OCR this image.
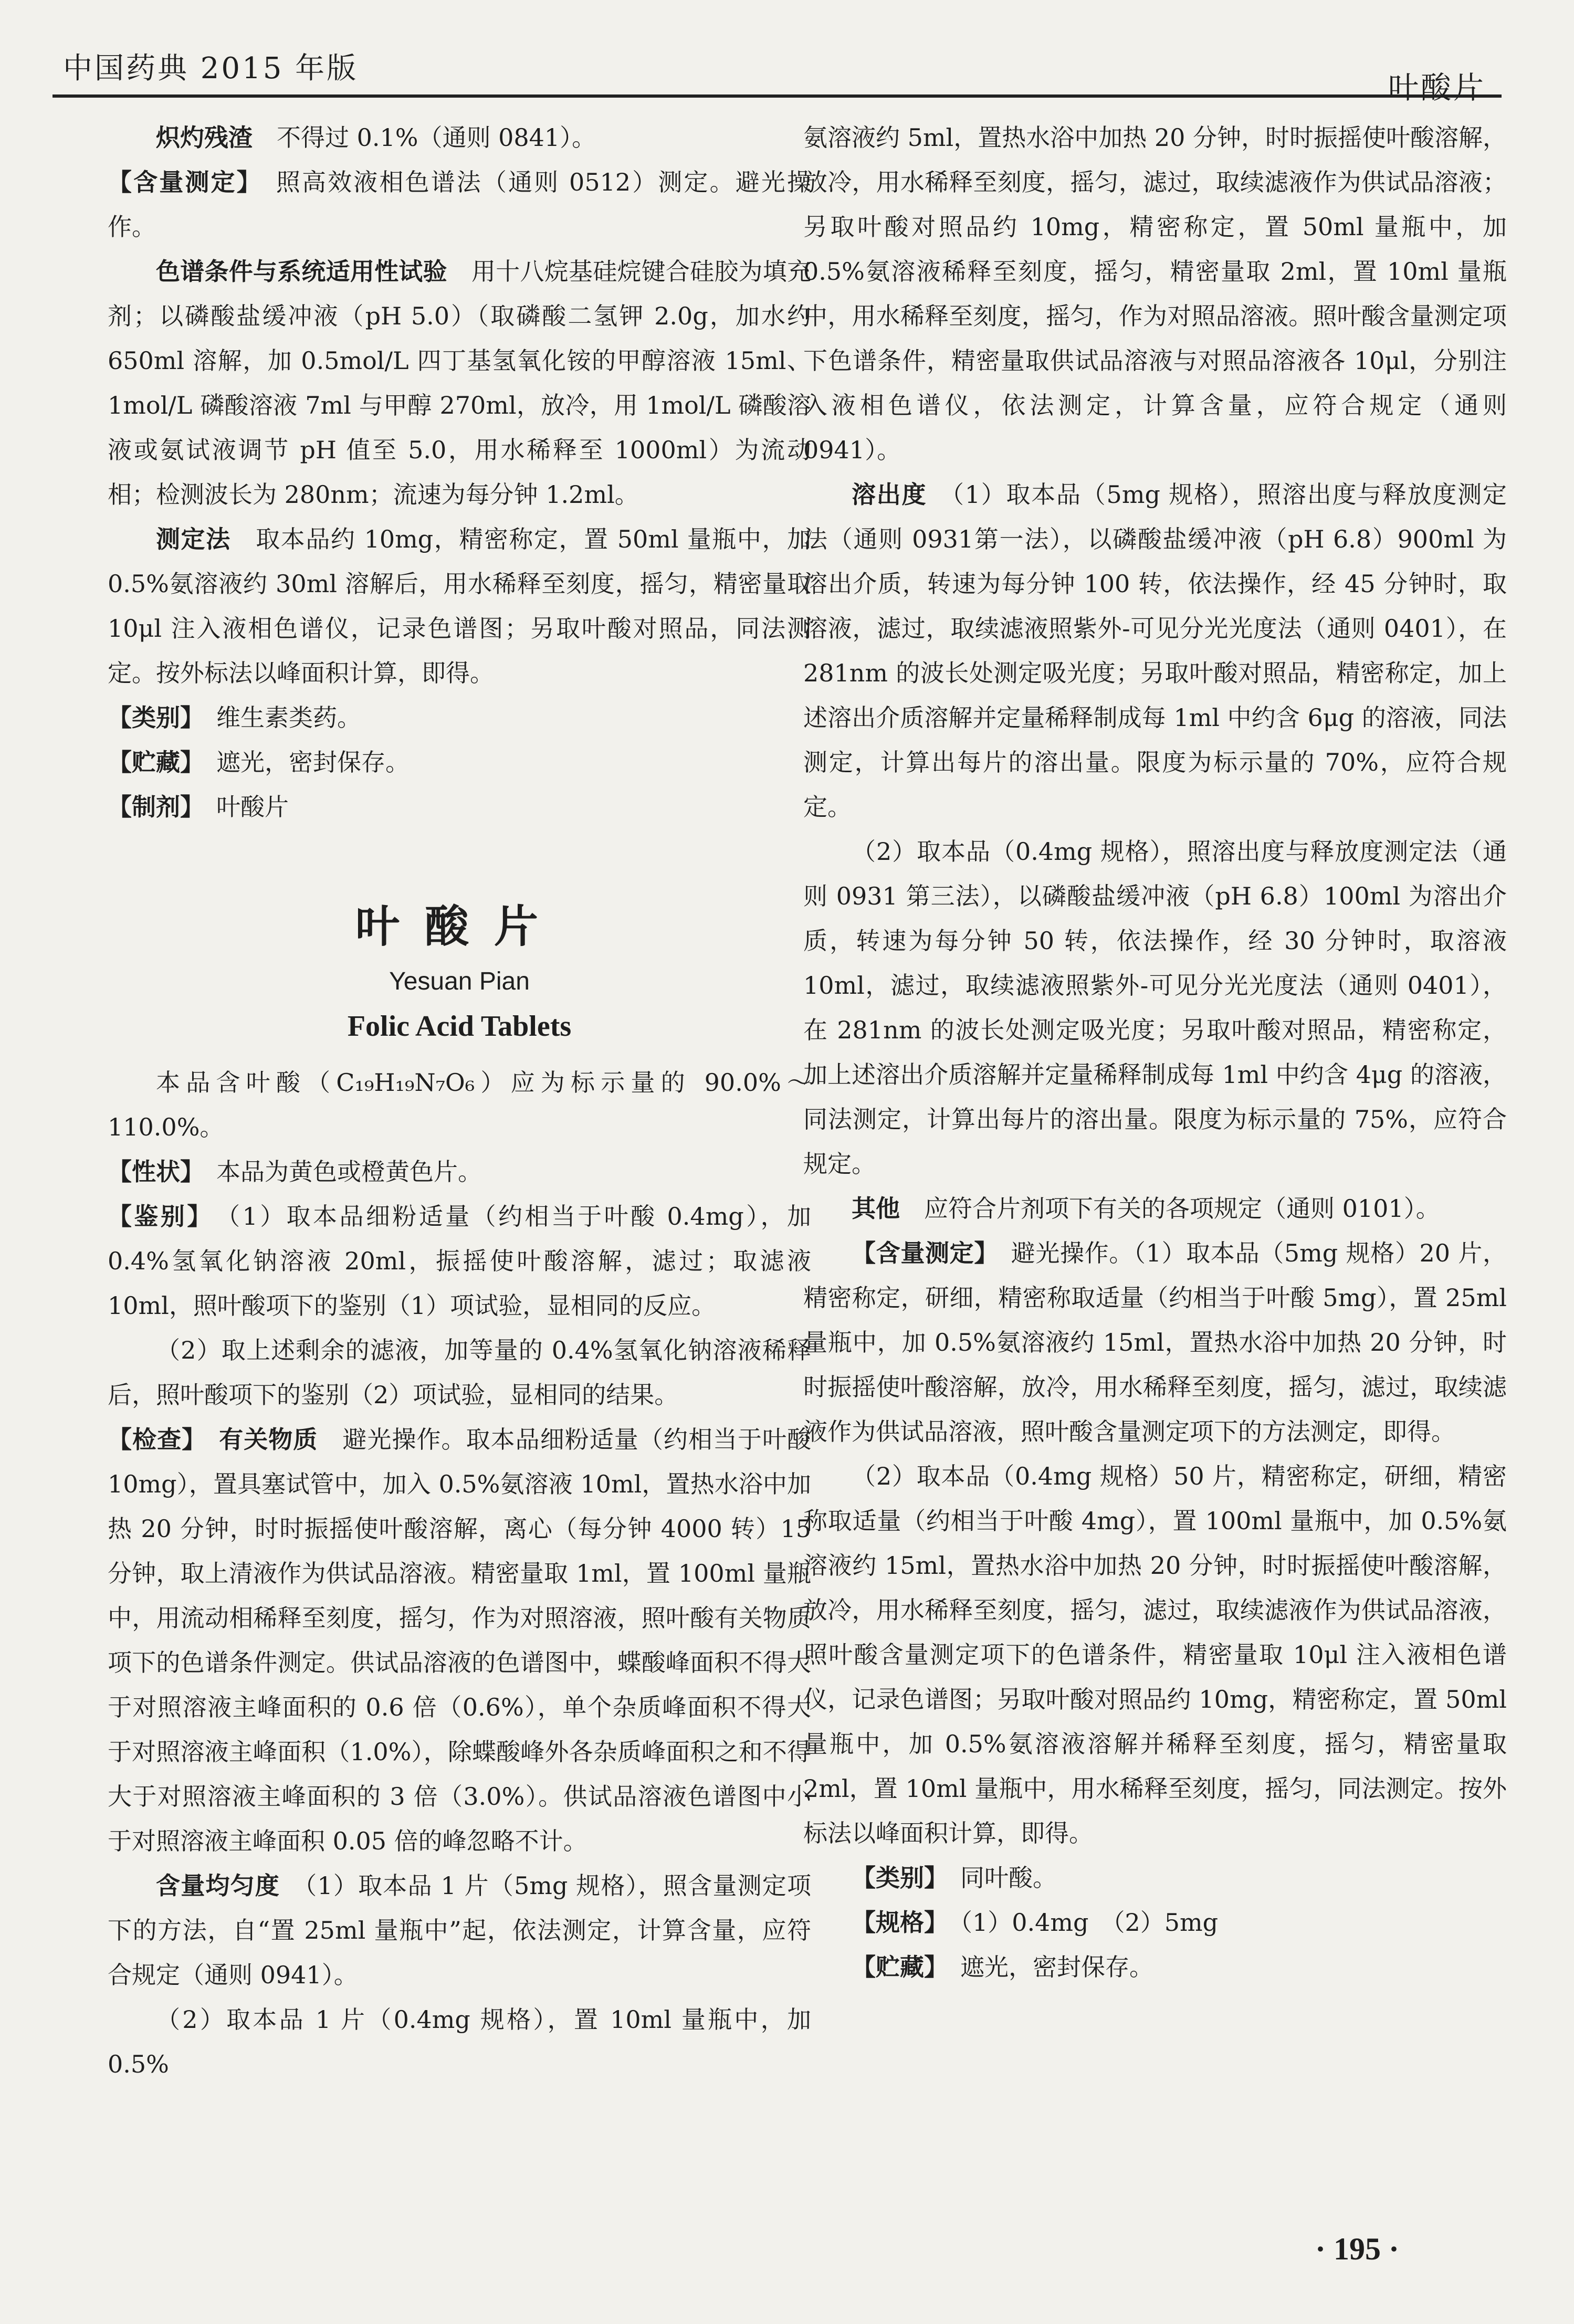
中国药典 2015 年版
叶酸片

炽灼残渣　 不得过 0.1%（通则 0841）。

【含量测定】　 照高效液相色谱法（通则 0512）测定。避光操作。

色谱条件与系统适用性试验　 用十八烷基硅烷键合硅胶为填充剂；以磷酸盐缓冲液（pH 5.0）（取磷酸二氢钾 2.0g，加水约 650ml 溶解，加 0.5mol/L 四丁基氢氧化铵的甲醇溶液 15ml、1mol/L 磷酸溶液 7ml 与甲醇 270ml，放冷，用 1mol/L 磷酸溶液或氨试液调节 pH 值至 5.0，用水稀释至 1000ml）为流动相；检测波长为 280nm；流速为每分钟 1.2ml。

测定法　 取本品约 10mg，精密称定，置 50ml 量瓶中，加 0.5%氨溶液约 30ml 溶解后，用水稀释至刻度，摇匀，精密量取 10μl 注入液相色谱仪，记录色谱图；另取叶酸对照品，同法测定。按外标法以峰面积计算，即得。

【类别】　 维生素类药。

【贮藏】　 遮光，密封保存。

【制剂】　 叶酸片

叶酸片
Yesuan Pian
Folic Acid Tablets

本品含叶酸（C₁₉H₁₉N₇O₆）应为标示量的 90.0%～110.0%。

【性状】　 本品为黄色或橙黄色片。

【鉴别】　 （1）取本品细粉适量（约相当于叶酸 0.4mg），加 0.4%氢氧化钠溶液 20ml，振摇使叶酸溶解，滤过；取滤液 10ml，照叶酸项下的鉴别（1）项试验，显相同的反应。

（2）取上述剩余的滤液，加等量的 0.4%氢氧化钠溶液稀释后，照叶酸项下的鉴别（2）项试验，显相同的结果。

【检查】　 有关物质　 避光操作。取本品细粉适量（约相当于叶酸 10mg），置具塞试管中，加入 0.5%氨溶液 10ml，置热水浴中加热 20 分钟，时时振摇使叶酸溶解，离心（每分钟 4000 转）15 分钟，取上清液作为供试品溶液。精密量取 1ml，置 100ml 量瓶中，用流动相稀释至刻度，摇匀，作为对照溶液，照叶酸有关物质项下的色谱条件测定。供试品溶液的色谱图中，蝶酸峰面积不得大于对照溶液主峰面积的 0.6 倍（0.6%），单个杂质峰面积不得大于对照溶液主峰面积（1.0%），除蝶酸峰外各杂质峰面积之和不得大于对照溶液主峰面积的 3 倍（3.0%）。供试品溶液色谱图中小于对照溶液主峰面积 0.05 倍的峰忽略不计。

含量均匀度　 （1）取本品 1 片（5mg 规格），照含量测定项下的方法，自“置 25ml 量瓶中”起，依法测定，计算含量，应符合规定（通则 0941）。

（2）取本品 1 片（0.4mg 规格），置 10ml 量瓶中，加 0.5%

氨溶液约 5ml，置热水浴中加热 20 分钟，时时振摇使叶酸溶解，放冷，用水稀释至刻度，摇匀，滤过，取续滤液作为供试品溶液；另取叶酸对照品约 10mg，精密称定，置 50ml 量瓶中，加 0.5%氨溶液稀释至刻度，摇匀，精密量取 2ml，置 10ml 量瓶中，用水稀释至刻度，摇匀，作为对照品溶液。照叶酸含量测定项下色谱条件，精密量取供试品溶液与对照品溶液各 10μl，分别注入液相色谱仪，依法测定，计算含量，应符合规定（通则 0941）。

溶出度　 （1）取本品（5mg 规格），照溶出度与释放度测定法（通则 0931第一法），以磷酸盐缓冲液（pH 6.8）900ml 为溶出介质，转速为每分钟 100 转，依法操作，经 45 分钟时，取溶液，滤过，取续滤液照紫外-可见分光光度法（通则 0401），在 281nm 的波长处测定吸光度；另取叶酸对照品，精密称定，加上述溶出介质溶解并定量稀释制成每 1ml 中约含 6μg 的溶液，同法测定，计算出每片的溶出量。限度为标示量的 70%，应符合规定。

（2）取本品（0.4mg 规格），照溶出度与释放度测定法（通则 0931 第三法），以磷酸盐缓冲液（pH 6.8）100ml 为溶出介质，转速为每分钟 50 转，依法操作，经 30 分钟时，取溶液 10ml，滤过，取续滤液照紫外-可见分光光度法（通则 0401），在 281nm 的波长处测定吸光度；另取叶酸对照品，精密称定，加上述溶出介质溶解并定量稀释制成每 1ml 中约含 4μg 的溶液，同法测定，计算出每片的溶出量。限度为标示量的 75%，应符合规定。

其他　 应符合片剂项下有关的各项规定（通则 0101）。

【含量测定】　 避光操作。（1）取本品（5mg 规格）20 片，精密称定，研细，精密称取适量（约相当于叶酸 5mg），置 25ml 量瓶中，加 0.5%氨溶液约 15ml，置热水浴中加热 20 分钟，时时振摇使叶酸溶解，放冷，用水稀释至刻度，摇匀，滤过，取续滤液作为供试品溶液，照叶酸含量测定项下的方法测定，即得。

（2）取本品（0.4mg 规格）50 片，精密称定，研细，精密称取适量（约相当于叶酸 4mg），置 100ml 量瓶中，加 0.5%氨溶液约 15ml，置热水浴中加热 20 分钟，时时振摇使叶酸溶解，放冷，用水稀释至刻度，摇匀，滤过，取续滤液作为供试品溶液，照叶酸含量测定项下的色谱条件，精密量取 10μl 注入液相色谱仪，记录色谱图；另取叶酸对照品约 10mg，精密称定，置 50ml 量瓶中，加 0.5%氨溶液溶解并稀释至刻度，摇匀，精密量取 2ml，置 10ml 量瓶中，用水稀释至刻度，摇匀，同法测定。按外标法以峰面积计算，即得。

【类别】　 同叶酸。

【规格】　 （1）0.4mg　（2）5mg

【贮藏】　 遮光，密封保存。

· 195 ·
